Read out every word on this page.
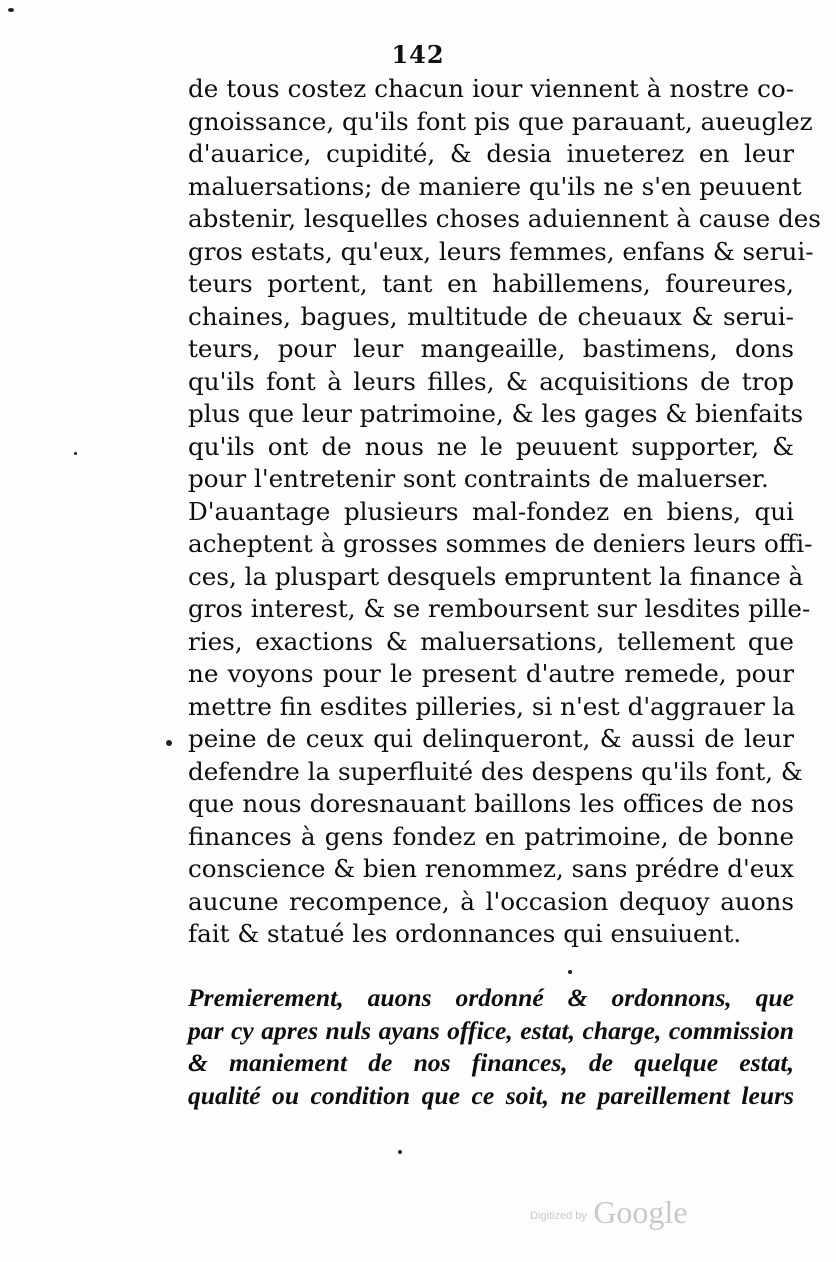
142
de tous costez chacun iour viennent à nostre co-
gnoissance, qu'ils font pis que parauant, aueuglez
d'auarice, cupidité, & desia inueterez en leur
maluersations; de maniere qu'ils ne s'en peuuent
abstenir, lesquelles choses aduiennent à cause des
gros estats, qu'eux, leurs femmes, enfans & serui-
teurs portent, tant en habillemens, foureures,
chaines, bagues, multitude de cheuaux & serui-
teurs, pour leur mangeaille, bastimens, dons
qu'ils font à leurs filles, & acquisitions de trop
plus que leur patrimoine, & les gages & bienfaits
qu'ils ont de nous ne le peuuent supporter, &
pour l'entretenir sont contraints de maluerser.
D'auantage plusieurs mal-fondez en biens, qui
acheptent à grosses sommes de deniers leurs offi-
ces, la pluspart desquels empruntent la finance à
gros interest, & se remboursent sur lesdites pille-
ries, exactions & maluersations, tellement que
ne voyons pour le present d'autre remede, pour
mettre fin esdites pilleries, si n'est d'aggrauer la
peine de ceux qui delinqueront, & aussi de leur
defendre la superfluité des despens qu'ils font, &
que nous doresnauant baillons les offices de nos
finances à gens fondez en patrimoine, de bonne
conscience & bien renommez, sans prédre d'eux
aucune recompence, à l'occasion dequoy auons
fait & statué les ordonnances qui ensuiuent.
Premierement, auons ordonné & ordonnons, que
par cy apres nuls ayans office, estat, charge, commission
& maniement de nos finances, de quelque estat,
qualité ou condition que ce soit, ne pareillement leurs
$^{Digitized by}$ Google
